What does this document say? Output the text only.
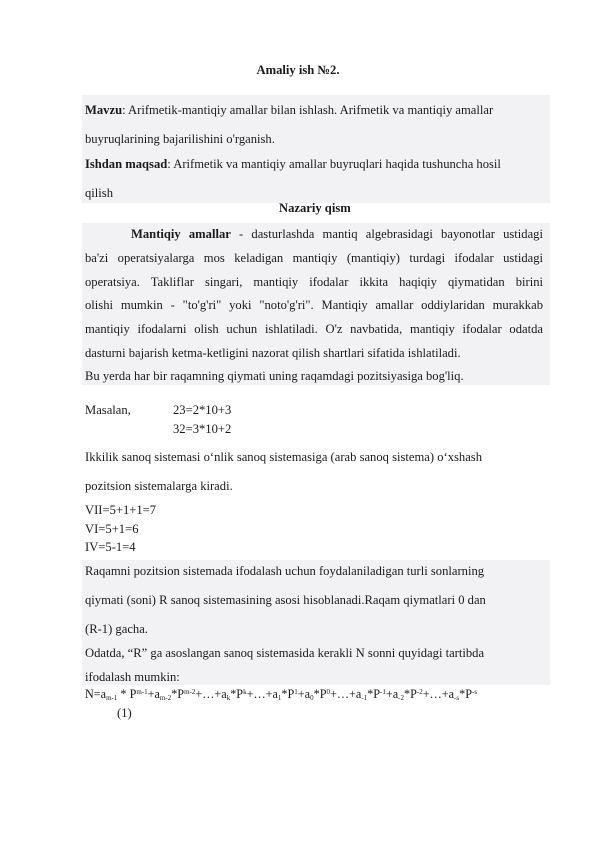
Amaliy ish №2.
Mavzu: Arifmetik-mantiqiy amallar bilan ishlash. Arifmetik va mantiqiy amallar
buyruqlarining bajarilishini o'rganish.
Ishdan maqsad: Arifmetik va mantiqiy amallar buyruqlari haqida tushuncha hosil
qilish
Nazariy qism
Mantiqiy amallar - dasturlashda mantiq algebrasidagi bayonotlar ustidagi
ba'zi operatsiyalarga mos keladigan mantiqiy (mantiqiy) turdagi ifodalar ustidagi
operatsiya. Takliflar singari, mantiqiy ifodalar ikkita haqiqiy qiymatidan birini
olishi mumkin - "to'g'ri" yoki "noto'g'ri". Mantiqiy amallar oddiylaridan murakkab
mantiqiy ifodalarni olish uchun ishlatiladi. O'z navbatida, mantiqiy ifodalar odatda
dasturni bajarish ketma-ketligini nazorat qilish shartlari sifatida ishlatiladi.
Bu yerda har bir raqamning qiymati uning raqamdagi pozitsiyasiga bog'liq.
Masalan,	23=2*10+3
32=3*10+2
Ikkilik sanoq sistemasi o‘nlik sanoq sistemasiga (arab sanoq sistema) o‘xshash
pozitsion sistemalarga kiradi.
VII=5+1+1=7
VI=5+1=6
IV=5-1=4
Raqamni pozitsion sistemada ifodalash uchun foydalaniladigan turli sonlarning
qiymati (soni) R sanoq sistemasining asosi hisoblanadi.Raqam qiymatlari 0 dan
(R-1) gacha.
Odatda, “R” ga asoslangan sanoq sistemasida kerakli N sonni quyidagi tartibda
ifodalash mumkin:
$N=a_{m-1}$ * $P^{m-1}+a_{m-2}*P^{m-2}+\dots+a_k*P^k+\dots+a_1*P^1+a_0*P^0+\dots+a_{-1}*P^{-1}+a_{-2}*P^{-2}+\dots+a_{-s}*P^{-s}$
(1)
